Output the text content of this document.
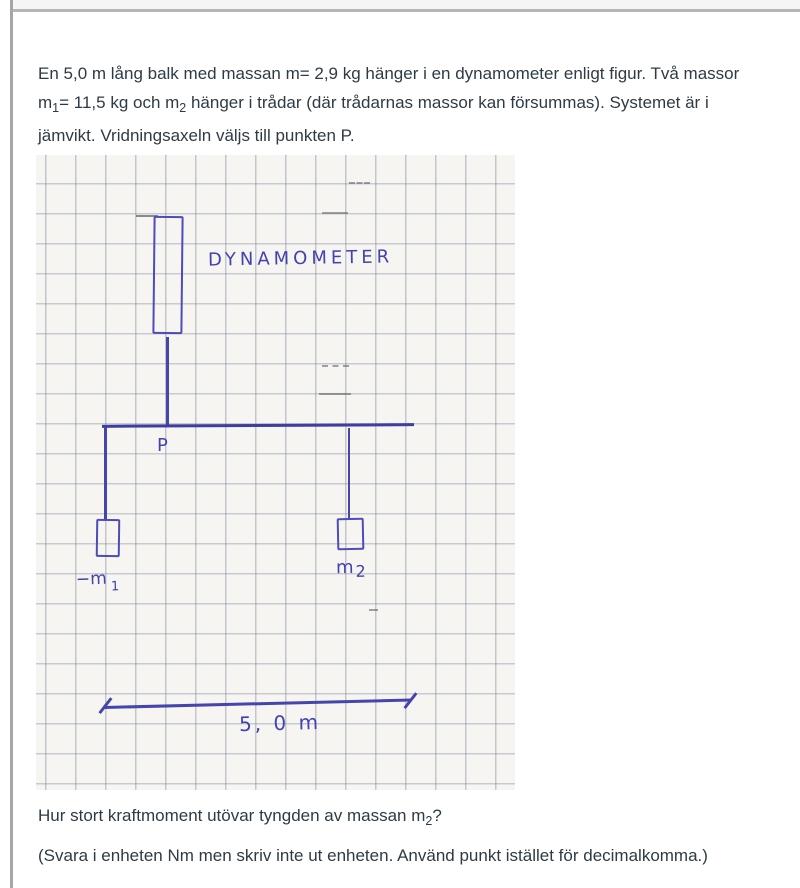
En 5,0 m lång balk med massan m= 2,9 kg hänger i en dynamometer enligt figur. Två massor
$m_1= 11,5$ kg och $m_2$ hänger i trådar (där trådarnas massor kan försummas). Systemet är i
jämvikt. Vridningsaxeln väljs till punkten P.

DYNAMOMETER
P
−m $_1$
m 2
5, 0 m

Hur stort kraftmoment utövar tyngden av massan $m_2$?

(Svara i enheten Nm men skriv inte ut enheten. Använd punkt istället för decimalkomma.)
